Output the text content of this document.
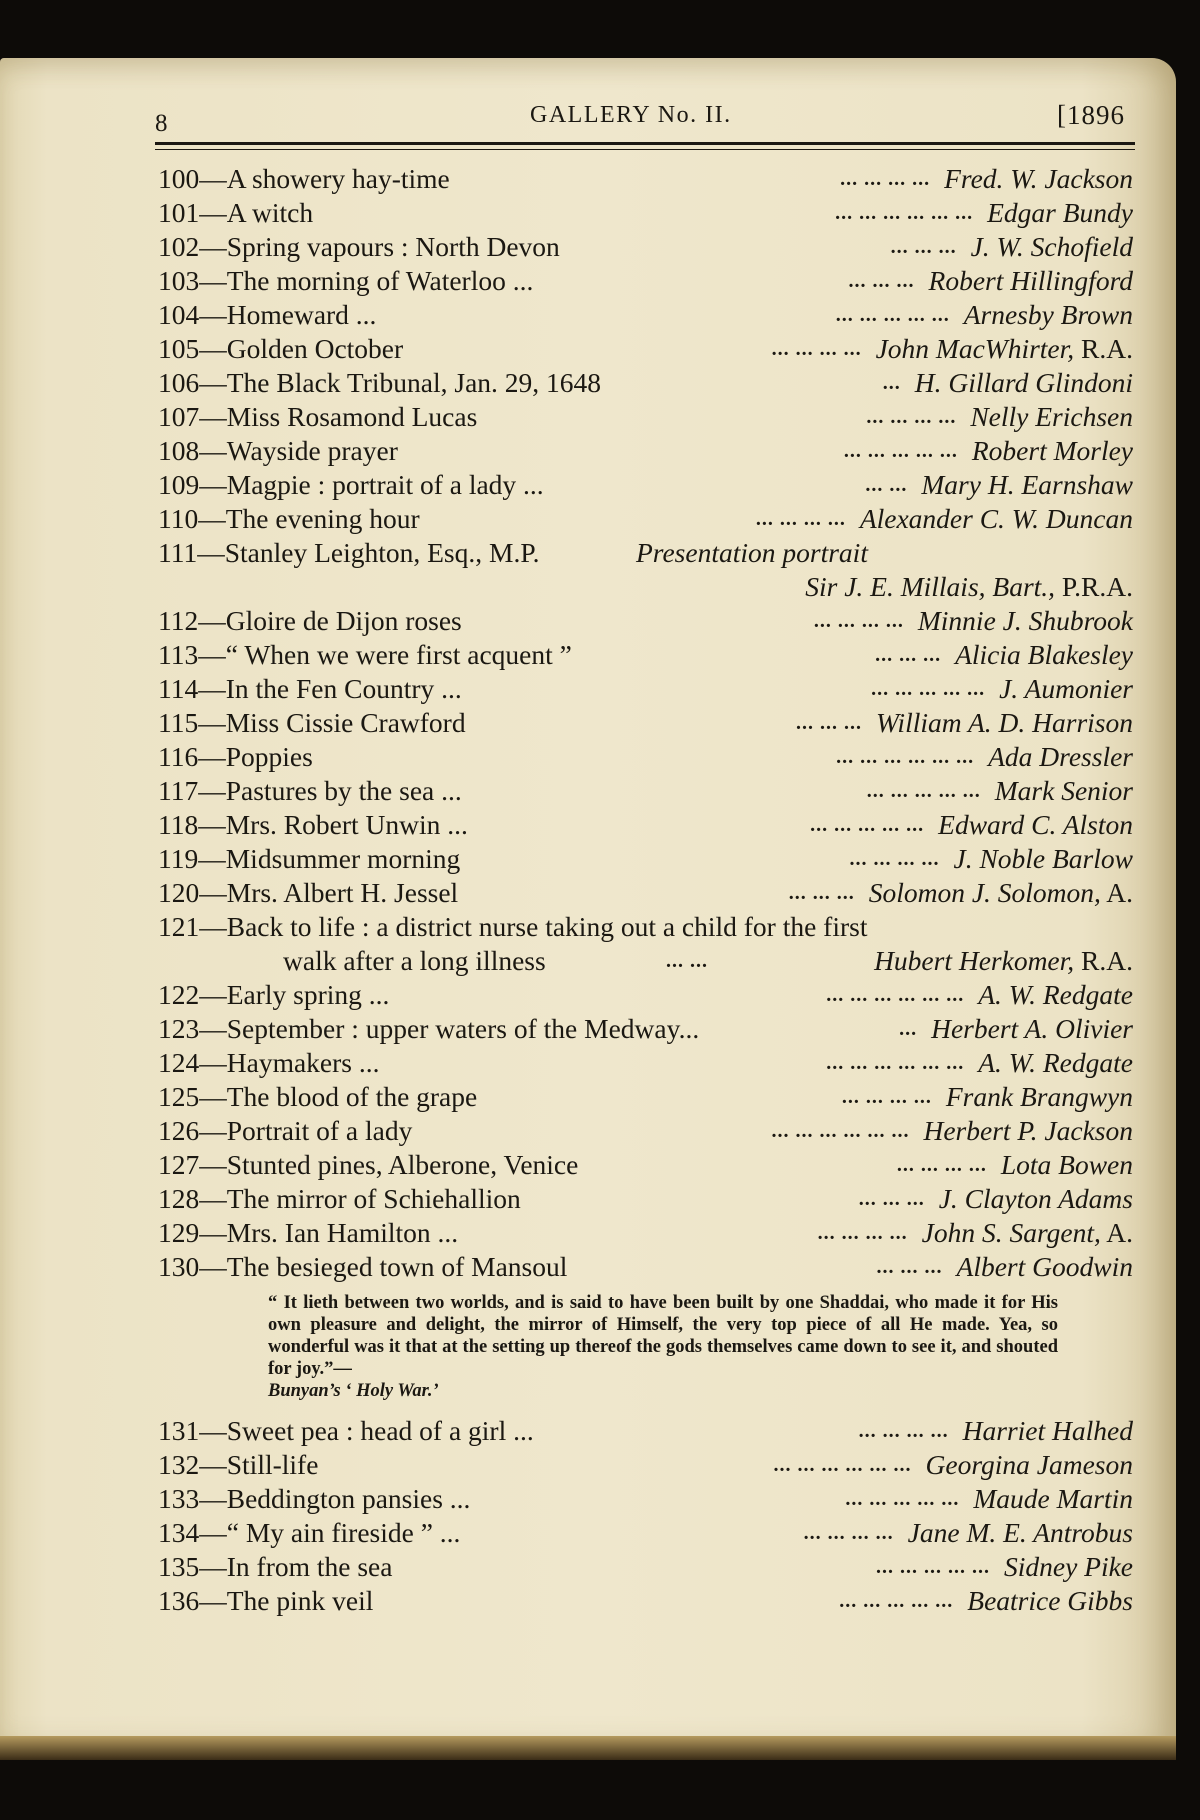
8	GALLERY No. II.	[1896
100—A showery hay-time	... ... ... ... Fred. W. Jackson
101—A witch	... ... ... ... ... ... Edgar Bundy
102—Spring vapours : North Devon	... ... ... J. W. Schofield
103—The morning of Waterloo ...	... ... ... Robert Hillingford
104—Homeward ...	... ... ... ... ... Arnesby Brown
105—Golden October	... ... ... ... John MacWhirter, R.A.
106—The Black Tribunal, Jan. 29, 1648	... H. Gillard Glindoni
107—Miss Rosamond Lucas	... ... ... ... Nelly Erichsen
108—Wayside prayer	... ... ... ... ... Robert Morley
109—Magpie : portrait of a lady ...	... ... Mary H. Earnshaw
110—The evening hour	... ... ... ... Alexander C. W. Duncan
111—Stanley Leighton, Esq., M.P.	Presentation portrait
Sir J. E. Millais, Bart., P.R.A.
112—Gloire de Dijon roses	... ... ... ... Minnie J. Shubrook
113—“ When we were first acquent ”	... ... ... Alicia Blakesley
114—In the Fen Country ...	... ... ... ... ... J. Aumonier
115—Miss Cissie Crawford	... ... ... William A. D. Harrison
116—Poppies	... ... ... ... ... ... Ada Dressler
117—Pastures by the sea ...	... ... ... ... ... Mark Senior
118—Mrs. Robert Unwin ...	... ... ... ... ... Edward C. Alston
119—Midsummer morning	... ... ... ... J. Noble Barlow
120—Mrs. Albert H. Jessel	... ... ... Solomon J. Solomon, A.
121—Back to life : a district nurse taking out a child for the first
walk after a long illness	... ...	Hubert Herkomer, R.A.
122—Early spring ...	... ... ... ... ... ... A. W. Redgate
123—September : upper waters of the Medway...	... Herbert A. Olivier
124—Haymakers ...	... ... ... ... ... ... A. W. Redgate
125—The blood of the grape	... ... ... ... Frank Brangwyn
126—Portrait of a lady	... ... ... ... ... ... Herbert P. Jackson
127—Stunted pines, Alberone, Venice	... ... ... ... Lota Bowen
128—The mirror of Schiehallion	... ... ... J. Clayton Adams
129—Mrs. Ian Hamilton ...	... ... ... ... John S. Sargent, A.
130—The besieged town of Mansoul	... ... ... Albert Goodwin
“ It lieth between two worlds, and is said to have been built by one Shaddai, who made it for His own pleasure and delight, the mirror of Himself, the very top piece of all He made. Yea, so wonderful was it that at the setting up thereof the gods themselves came down to see it, and shouted for joy.”—
Bunyan’s ‘ Holy War.’
131—Sweet pea : head of a girl ...	... ... ... ... Harriet Halhed
132—Still-life	... ... ... ... ... ... Georgina Jameson
133—Beddington pansies ...	... ... ... ... ... Maude Martin
134—“ My ain fireside ” ...	... ... ... ... Jane M. E. Antrobus
135—In from the sea	... ... ... ... ... Sidney Pike
136—The pink veil	... ... ... ... ... Beatrice Gibbs
